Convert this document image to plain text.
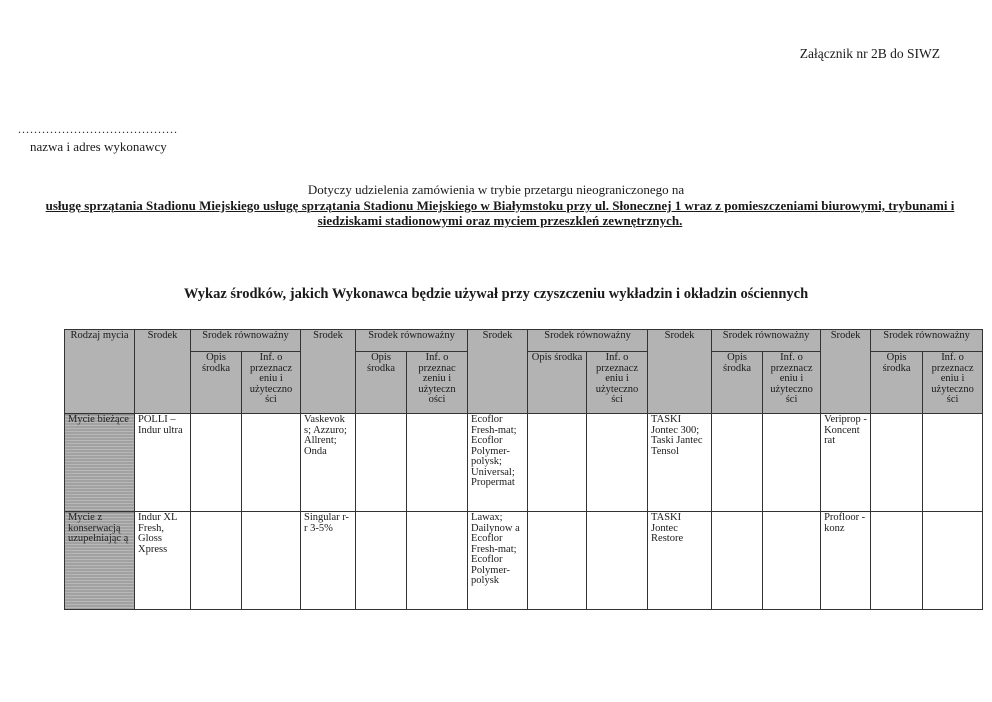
Załącznik nr 2B do SIWZ
........................................
nazwa i adres wykonawcy
Dotyczy udzielenia zamówienia w trybie przetargu nieograniczonego na
usługę sprzątania Stadionu Miejskiego usługę sprzątania Stadionu Miejskiego w Białymstoku przy ul. Słonecznej 1 wraz z pomieszczeniami biurowymi, trybunami i siedziskami stadionowymi oraz myciem przeszkleń zewnętrznych.
Wykaz środków, jakich Wykonawca będzie używał przy czyszczeniu wykładzin i okładzin ościennych
Rodzaj mycia	Środek	Środek równoważny		Środek	Środek równoważny		Środek	Środek równoważny		Środek	Środek równoważny		Środek	Środek równoważny	
		Opis środka	Inf. o przeznacz eniu i użyteczno ści		Opis środka	Inf. o przeznac zeniu i użyteczn ości		Opis środka	Inf. o przeznacz eniu i użyteczno ści		Opis środka	Inf. o przeznacz eniu i użyteczno ści		Opis środka	Inf. o przeznacz eniu i użyteczno ści
Mycie bieżące	POLLI – Indur ultra			Vaskevok s; Azzuro; Allrent; Onda			Ecoflor Fresh-mat; Ecoflor Polymer-polysk; Universal; Propermat			TASKI Jontec 300; Taski Jantec Tensol			Veriprop - Koncent rat		
Mycie z konserwacją uzupełniając ą	Indur XL Fresh, Gloss Xpress			Singular r-r 3-5%			Lawax; Dailynow a Ecoflor Fresh-mat; Ecoflor Polymer-polysk			TASKI Jontec Restore			Profloor - konz		
